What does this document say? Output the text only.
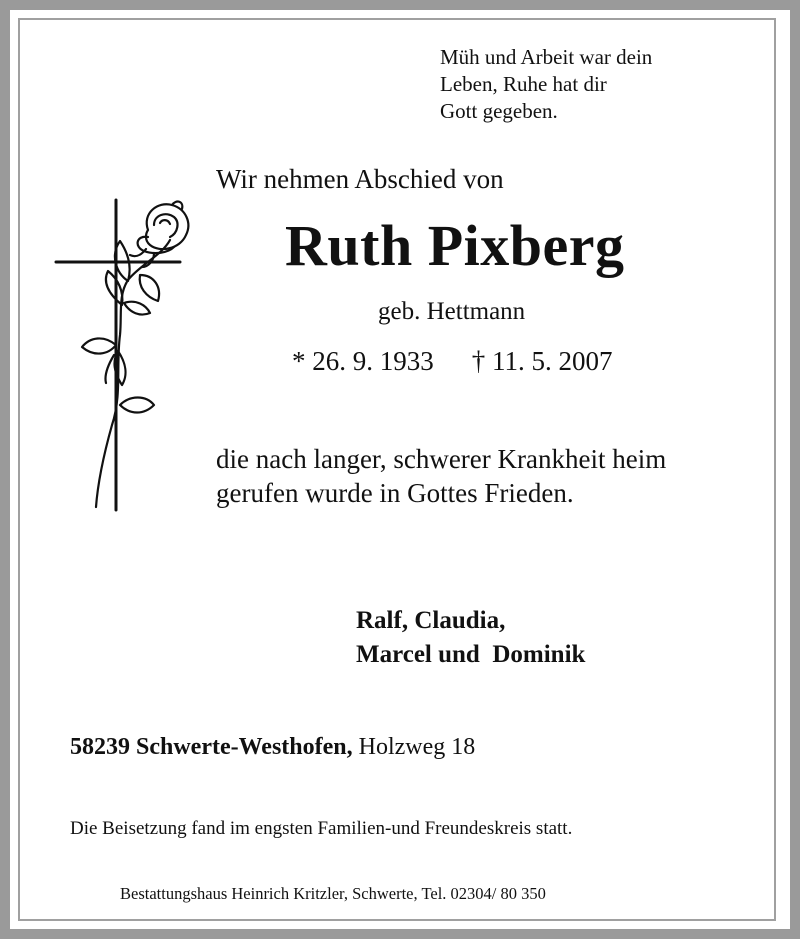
Müh und Arbeit war dein
Leben, Ruhe hat dir
Gott gegeben.

Wir nehmen Abschied von

Ruth Pixberg

geb. Hettmann

* 26. 9. 1933 † 11. 5. 2007

die nach langer, schwerer Krankheit heim
gerufen wurde in Gottes Frieden.
Ralf, Claudia,
Marcel und  Dominik

58239 Schwerte-Westhofen, Holzweg 18

Die Beisetzung fand im engsten Familien-und Freundeskreis statt.

Bestattungshaus Heinrich Kritzler, Schwerte, Tel. 02304/ 80 350
